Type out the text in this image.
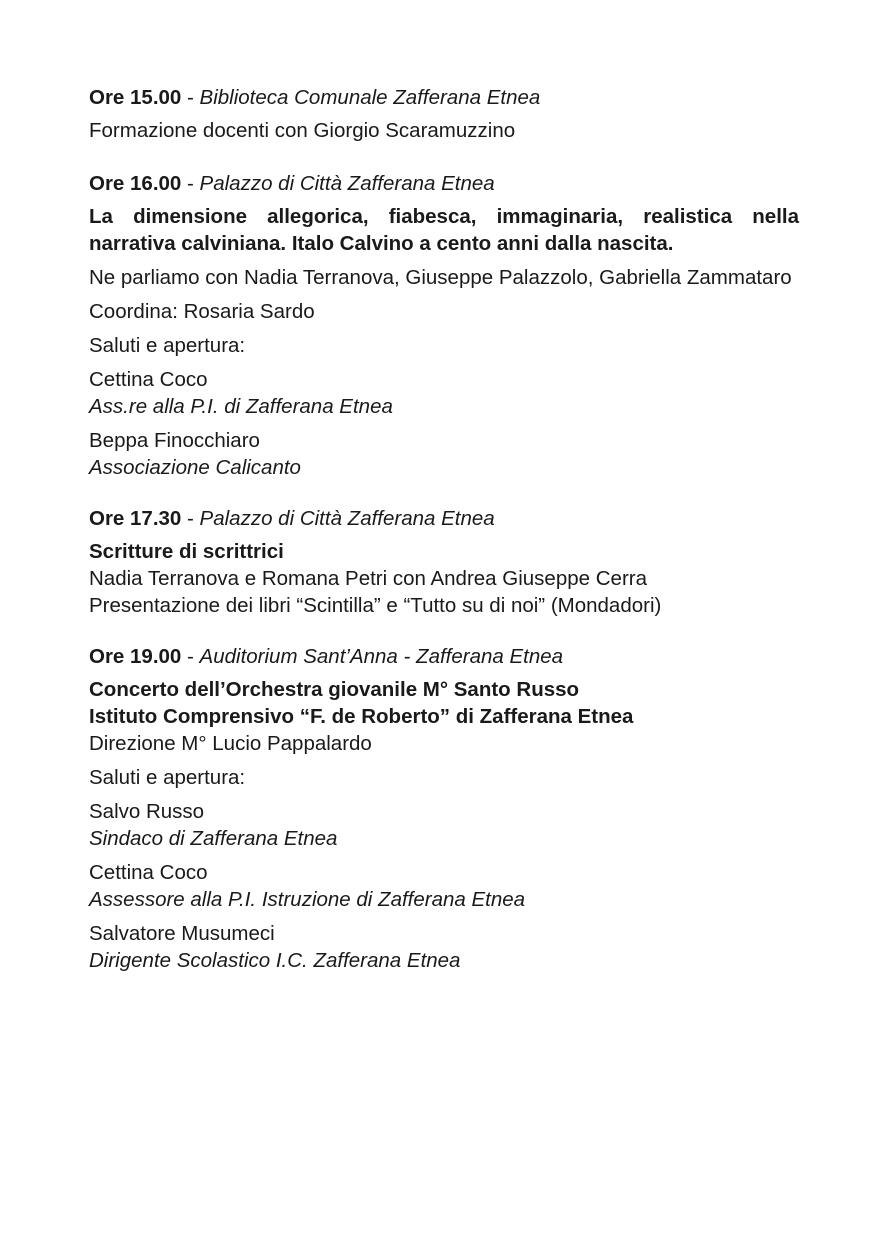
Ore 15.00 - Biblioteca Comunale Zafferana Etnea
Formazione docenti con Giorgio Scaramuzzino
Ore 16.00 - Palazzo di Città Zafferana Etnea
La dimensione allegorica, fiabesca, immaginaria, realistica nella narrativa calviniana. Italo Calvino a cento anni dalla nascita.
Ne parliamo con Nadia Terranova, Giuseppe Palazzolo, Gabriella Zammataro
Coordina: Rosaria Sardo
Saluti e apertura:
Cettina Coco
Ass.re alla P.I. di Zafferana Etnea
Beppa Finocchiaro
Associazione Calicanto
Ore 17.30 - Palazzo di Città Zafferana Etnea
Scritture di scrittrici
Nadia Terranova e Romana Petri con Andrea Giuseppe Cerra
Presentazione dei libri “Scintilla” e “Tutto su di noi” (Mondadori)
Ore 19.00 - Auditorium Sant’Anna - Zafferana Etnea
Concerto dell’Orchestra giovanile M° Santo Russo
Istituto Comprensivo “F. de Roberto” di Zafferana Etnea
Direzione M° Lucio Pappalardo
Saluti e apertura:
Salvo Russo
Sindaco di Zafferana Etnea
Cettina Coco
Assessore alla P.I. Istruzione di Zafferana Etnea
Salvatore Musumeci
Dirigente Scolastico I.C. Zafferana Etnea
